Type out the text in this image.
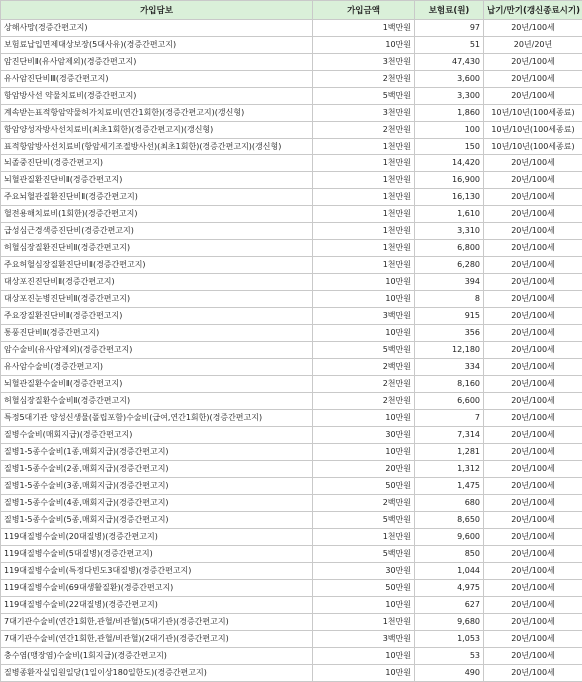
가입담보	가입금액	보험료(원)	납기/만기(갱신종료시기)
상해사망(경증간편고지)	1백만원	97	20년/100세
보험료납입면제대상보장(5대사유)(경증간편고지)	10만원	51	20년/20년
암진단비Ⅱ(유사암제외)(경증간편고지)	3천만원	47,430	20년/100세
유사암진단비Ⅲ(경증간편고지)	2천만원	3,600	20년/100세
항암방사선 약물치료비(경증간편고지)	5백만원	3,300	20년/100세
계속받는표적항암약물허가치료비(연간1회한)(경증간편고지)(갱신형)	3천만원	1,860	10년/10년(100세종료)
항암양성자방사선치료비(최초1회한)(경증간편고지)(갱신형)	2천만원	100	10년/10년(100세종료)
표적항암방사선치료비(항암세기조절방사선)(최초1회한)(경증간편고지)(갱신형)	1천만원	150	10년/10년(100세종료)
뇌졸중진단비(경증간편고지)	1천만원	14,420	20년/100세
뇌혈관질환진단비Ⅱ(경증간편고지)	1천만원	16,900	20년/100세
주요뇌혈관질환진단비Ⅱ(경증간편고지)	1천만원	16,130	20년/100세
혈전용해치료비(1회한)(경증간편고지)	1천만원	1,610	20년/100세
급성심근경색증진단비(경증간편고지)	1천만원	3,310	20년/100세
허혈심장질환진단비Ⅱ(경증간편고지)	1천만원	6,800	20년/100세
주요허혈심장질환진단비Ⅱ(경증간편고지)	1천만원	6,280	20년/100세
대상포진진단비Ⅱ(경증간편고지)	10만원	394	20년/100세
대상포진눈병진단비Ⅱ(경증간편고지)	10만원	8	20년/100세
주요장질환진단비Ⅱ(경증간편고지)	3백만원	915	20년/100세
통풍진단비Ⅱ(경증간편고지)	10만원	356	20년/100세
암수술비(유사암제외)(경증간편고지)	5백만원	12,180	20년/100세
유사암수술비(경증간편고지)	2백만원	334	20년/100세
뇌혈관질환수술비Ⅱ(경증간편고지)	2천만원	8,160	20년/100세
허혈심장질환수술비Ⅱ(경증간편고지)	2천만원	6,600	20년/100세
특정5대기관 양성신생물(폴립포함)수술비(급여,연간1회한)(경증간편고지)	10만원	7	20년/100세
질병수술비(매회지급)(경증간편고지)	30만원	7,314	20년/100세
질병1-5종수술비(1종,매회지급)(경증간편고지)	10만원	1,281	20년/100세
질병1-5종수술비(2종,매회지급)(경증간편고지)	20만원	1,312	20년/100세
질병1-5종수술비(3종,매회지급)(경증간편고지)	50만원	1,475	20년/100세
질병1-5종수술비(4종,매회지급)(경증간편고지)	2백만원	680	20년/100세
질병1-5종수술비(5종,매회지급)(경증간편고지)	5백만원	8,650	20년/100세
119대질병수술비(20대질병)(경증간편고지)	1천만원	9,600	20년/100세
119대질병수술비(5대질병)(경증간편고지)	5백만원	850	20년/100세
119대질병수술비(특정다빈도3대질병)(경증간편고지)	30만원	1,044	20년/100세
119대질병수술비(69대생활질환)(경증간편고지)	50만원	4,975	20년/100세
119대질병수술비(22대질병)(경증간편고지)	10만원	627	20년/100세
7대기관수술비(연간1회한,관혈/비관혈)(5대기관)(경증간편고지)	1천만원	9,680	20년/100세
7대기관수술비(연간1회한,관혈/비관혈)(2대기관)(경증간편고지)	3백만원	1,053	20년/100세
충수염(맹장염)수술비(1회지급)(경증간편고지)	10만원	53	20년/100세
질병종환자실입원일당(1일이상180일한도)(경증간편고지)	10만원	490	20년/100세
